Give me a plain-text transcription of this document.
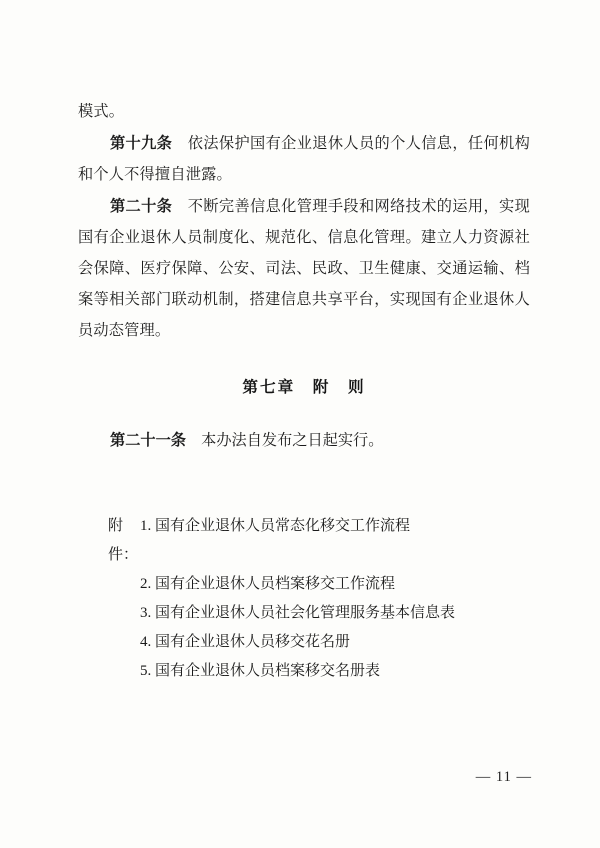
模式。

第十九条　依法保护国有企业退休人员的个人信息，任何机构和个人不得擅自泄露。

第二十条　不断完善信息化管理手段和网络技术的运用，实现国有企业退休人员制度化、规范化、信息化管理。建立人力资源社会保障、医疗保障、公安、司法、民政、卫生健康、交通运输、档案等相关部门联动机制，搭建信息共享平台，实现国有企业退休人员动态管理。

第七章　附　则

第二十一条　本办法自发布之日起实行。

附件：
1. 国有企业退休人员常态化移交工作流程
2. 国有企业退休人员档案移交工作流程
3. 国有企业退休人员社会化管理服务基本信息表
4. 国有企业退休人员移交花名册
5. 国有企业退休人员档案移交名册表
— 11 —
